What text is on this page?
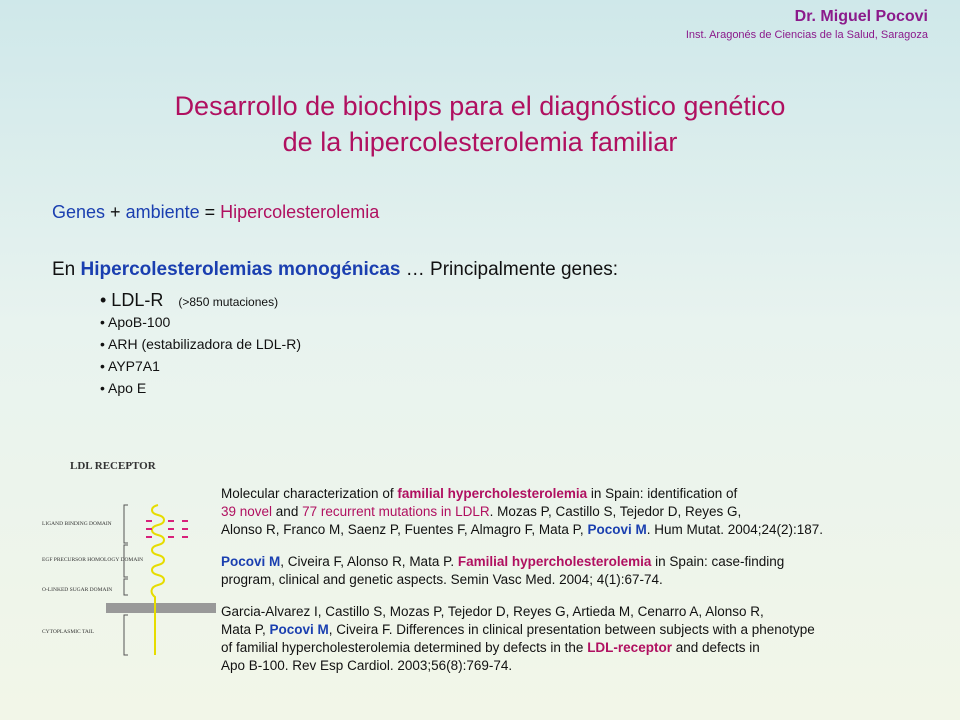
Dr. Miguel Pocovi
Inst. Aragonés de Ciencias de la Salud, Saragoza
Desarrollo de biochips para el diagnóstico genético
de la hipercolesterolemia familiar
Genes + ambiente = Hipercolesterolemia
En Hipercolesterolemias monogénicas … Principalmente genes:
• LDL-R (>850 mutaciones)
• ApoB-100
• ARH (estabilizadora de LDL-R)
• AYP7A1
• Apo E
LDL RECEPTOR
LIGAND BINDING DOMAIN
EGF PRECURSOR HOMOLOGY DOMAIN
O-LINKED SUGAR DOMAIN
CYTOPLASMIC TAIL
Molecular characterization of familial hypercholesterolemia in Spain: identification of
39 novel and 77 recurrent mutations in LDLR. Mozas P, Castillo S, Tejedor D, Reyes G,
Alonso R, Franco M, Saenz P, Fuentes F, Almagro F, Mata P, Pocovi M. Hum Mutat. 2004;24(2):187.
Pocovi M, Civeira F, Alonso R, Mata P. Familial hypercholesterolemia in Spain: case-finding
program, clinical and genetic aspects. Semin Vasc Med. 2004; 4(1):67-74.
Garcia-Alvarez I, Castillo S, Mozas P, Tejedor D, Reyes G, Artieda M, Cenarro A, Alonso R,
Mata P, Pocovi M, Civeira F. Differences in clinical presentation between subjects with a phenotype
of familial hypercholesterolemia determined by defects in the LDL-receptor and defects in
Apo B-100. Rev Esp Cardiol. 2003;56(8):769-74.
